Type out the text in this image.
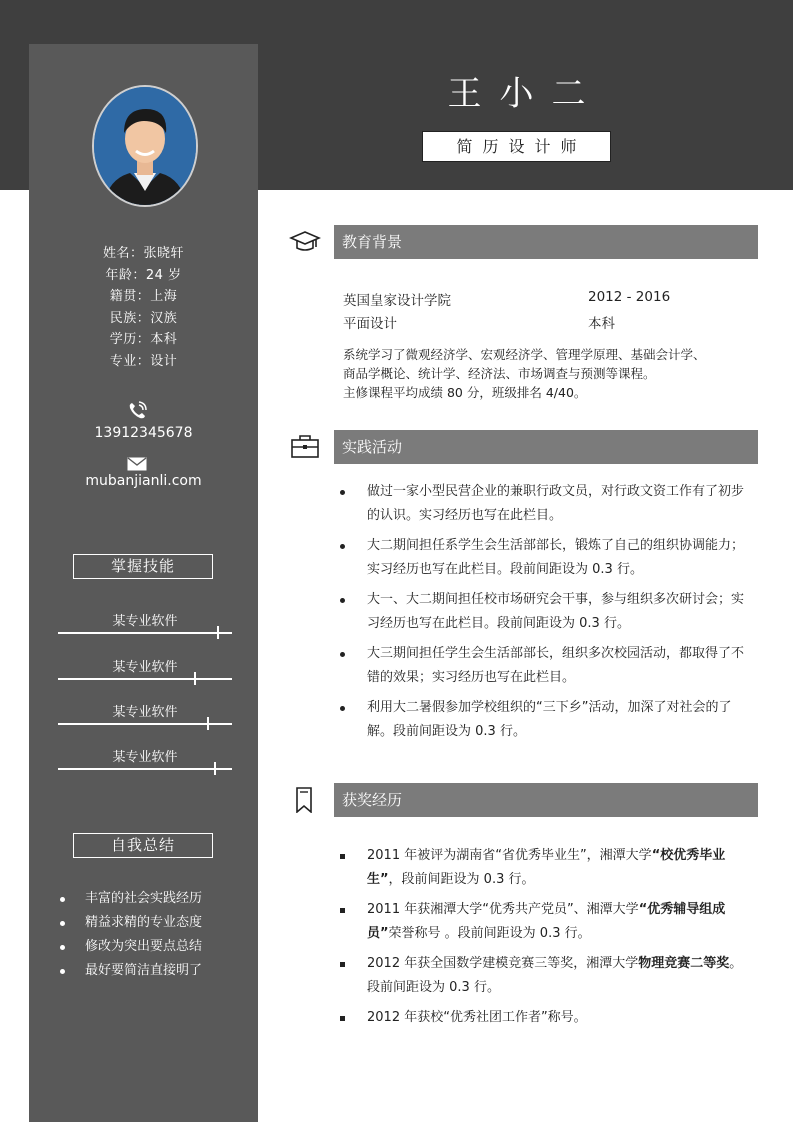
姓名：张晓轩
年龄：24 岁
籍贯：上海
民族：汉族
学历：本科
专业：设计
13912345678
mubanjianli.com
掌握技能
某专业软件
某专业软件
某专业软件
某专业软件
自我总结
丰富的社会实践经历
精益求精的专业态度
修改为突出要点总结
最好要简洁直接明了
王小二
简历设计师
教育背景
英国皇家设计学院	2012 - 2016
平面设计	本科
系统学习了微观经济学、宏观经济学、管理学原理、基础会计学、
商品学概论、统计学、经济法、市场调查与预测等课程。
主修课程平均成绩 80 分，班级排名 4/40。
实践活动
做过一家小型民营企业的兼职行政文员，对行政文资工作有了初步的认识。实习经历也写在此栏目。
大二期间担任系学生会生活部部长，锻炼了自己的组织协调能力；实习经历也写在此栏目。段前间距设为 0.3 行。
大一、大二期间担任校市场研究会干事，参与组织多次研讨会；实习经历也写在此栏目。段前间距设为 0.3 行。
大三期间担任学生会生活部部长，组织多次校园活动，都取得了不错的效果；实习经历也写在此栏目。
利用大二暑假参加学校组织的“三下乡”活动，加深了对社会的了解。段前间距设为 0.3 行。
获奖经历
2011 年被评为湖南省“省优秀毕业生”，湘潭大学“校优秀毕业生”，段前间距设为 0.3 行。
2011 年获湘潭大学“优秀共产党员”、湘潭大学“优秀辅导组成员”荣誉称号 。段前间距设为 0.3 行。
2012 年获全国数学建模竞赛三等奖，湘潭大学物理竞赛二等奖。段前间距设为 0.3 行。
2012 年获校“优秀社团工作者”称号。
